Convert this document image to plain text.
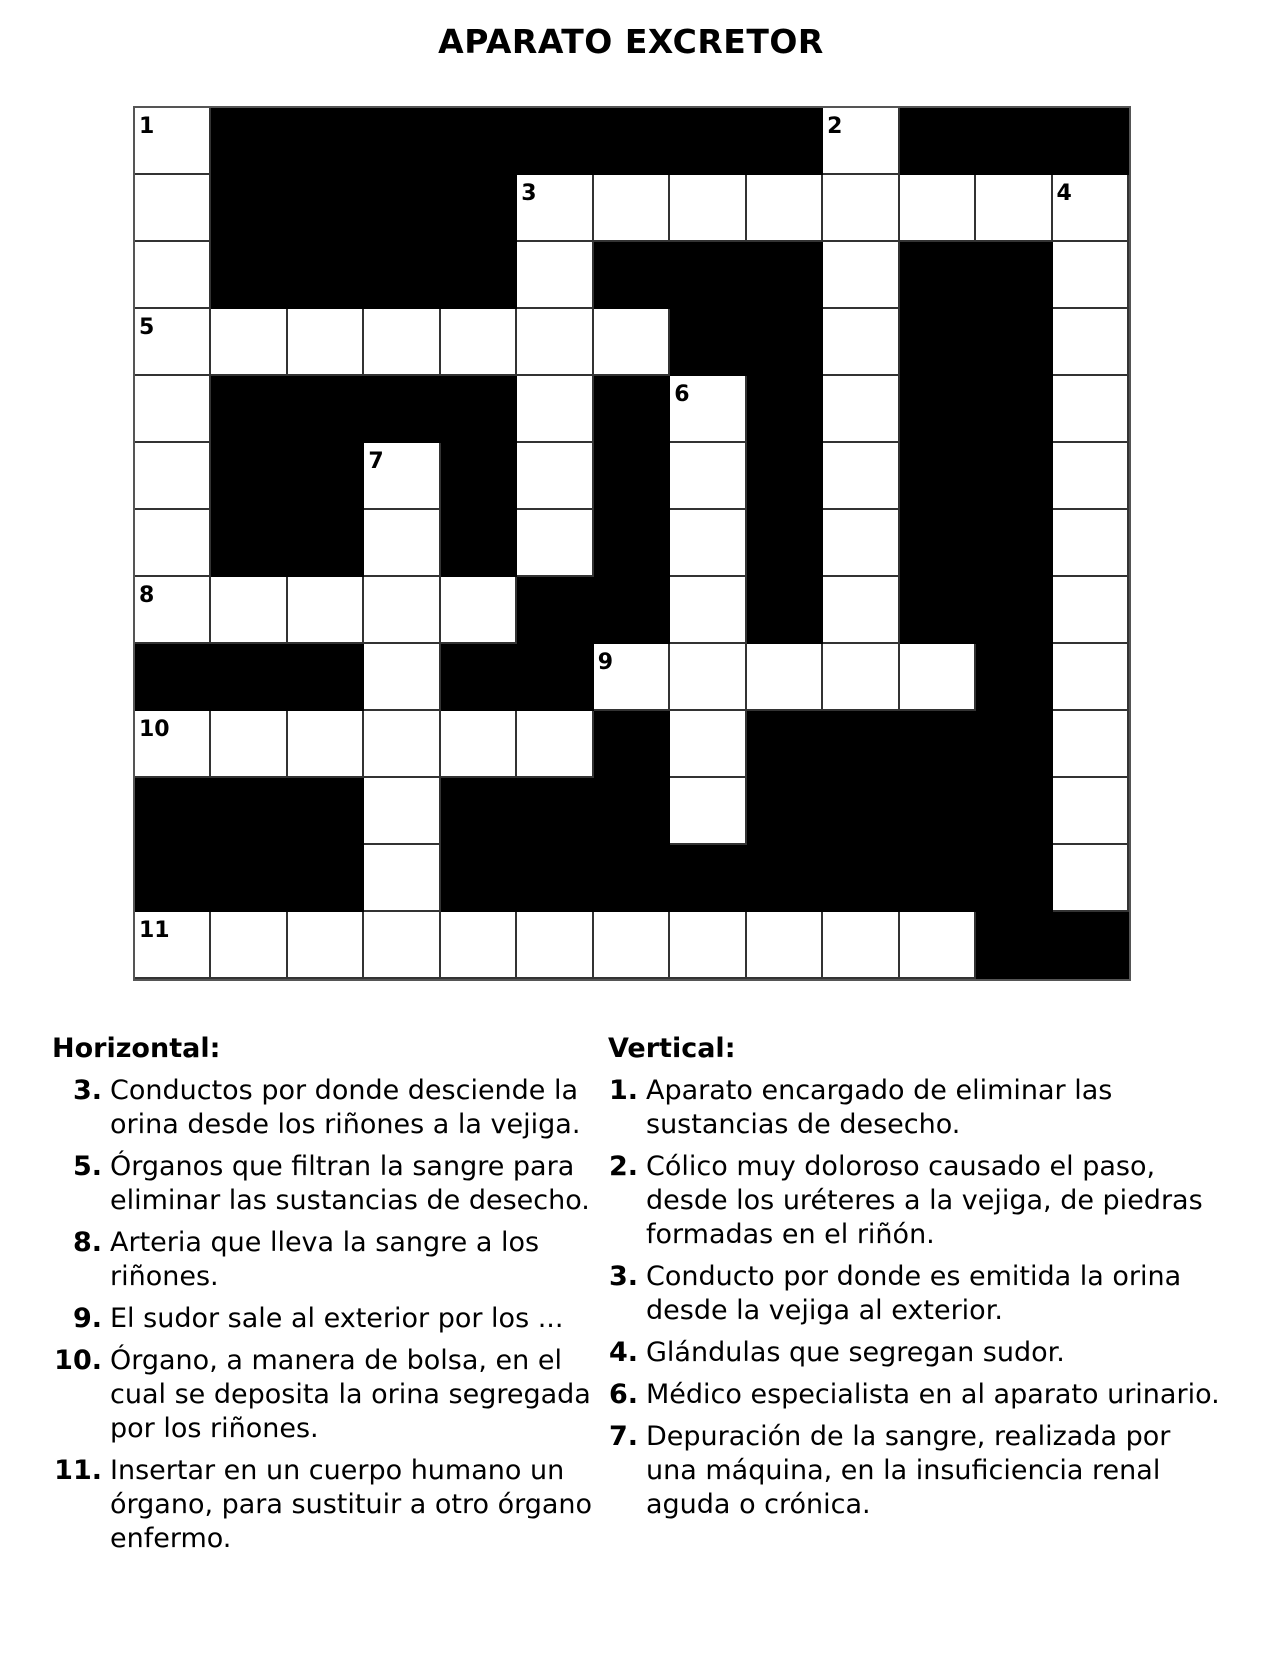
APARATO EXCRETOR
1	2
3	4
5
6
7
8
9
10
11
Horizontal:
3. Conductos por donde desciende la orina desde los riñones a la vejiga.
5. Órganos que filtran la sangre para eliminar las sustancias de desecho.
8. Arteria que lleva la sangre a los riñones.
9. El sudor sale al exterior por los ...
10. Órgano, a manera de bolsa, en el cual se deposita la orina segregada por los riñones.
11. Insertar en un cuerpo humano un órgano, para sustituir a otro órgano enfermo.
Vertical:
1. Aparato encargado de eliminar las sustancias de desecho.
2. Cólico muy doloroso causado el paso, desde los uréteres a la vejiga, de piedras formadas en el riñón.
3. Conducto por donde es emitida la orina desde la vejiga al exterior.
4. Glándulas que segregan sudor.
6. Médico especialista en al aparato urinario.
7. Depuración de la sangre, realizada por una máquina, en la insuficiencia renal aguda o crónica.
